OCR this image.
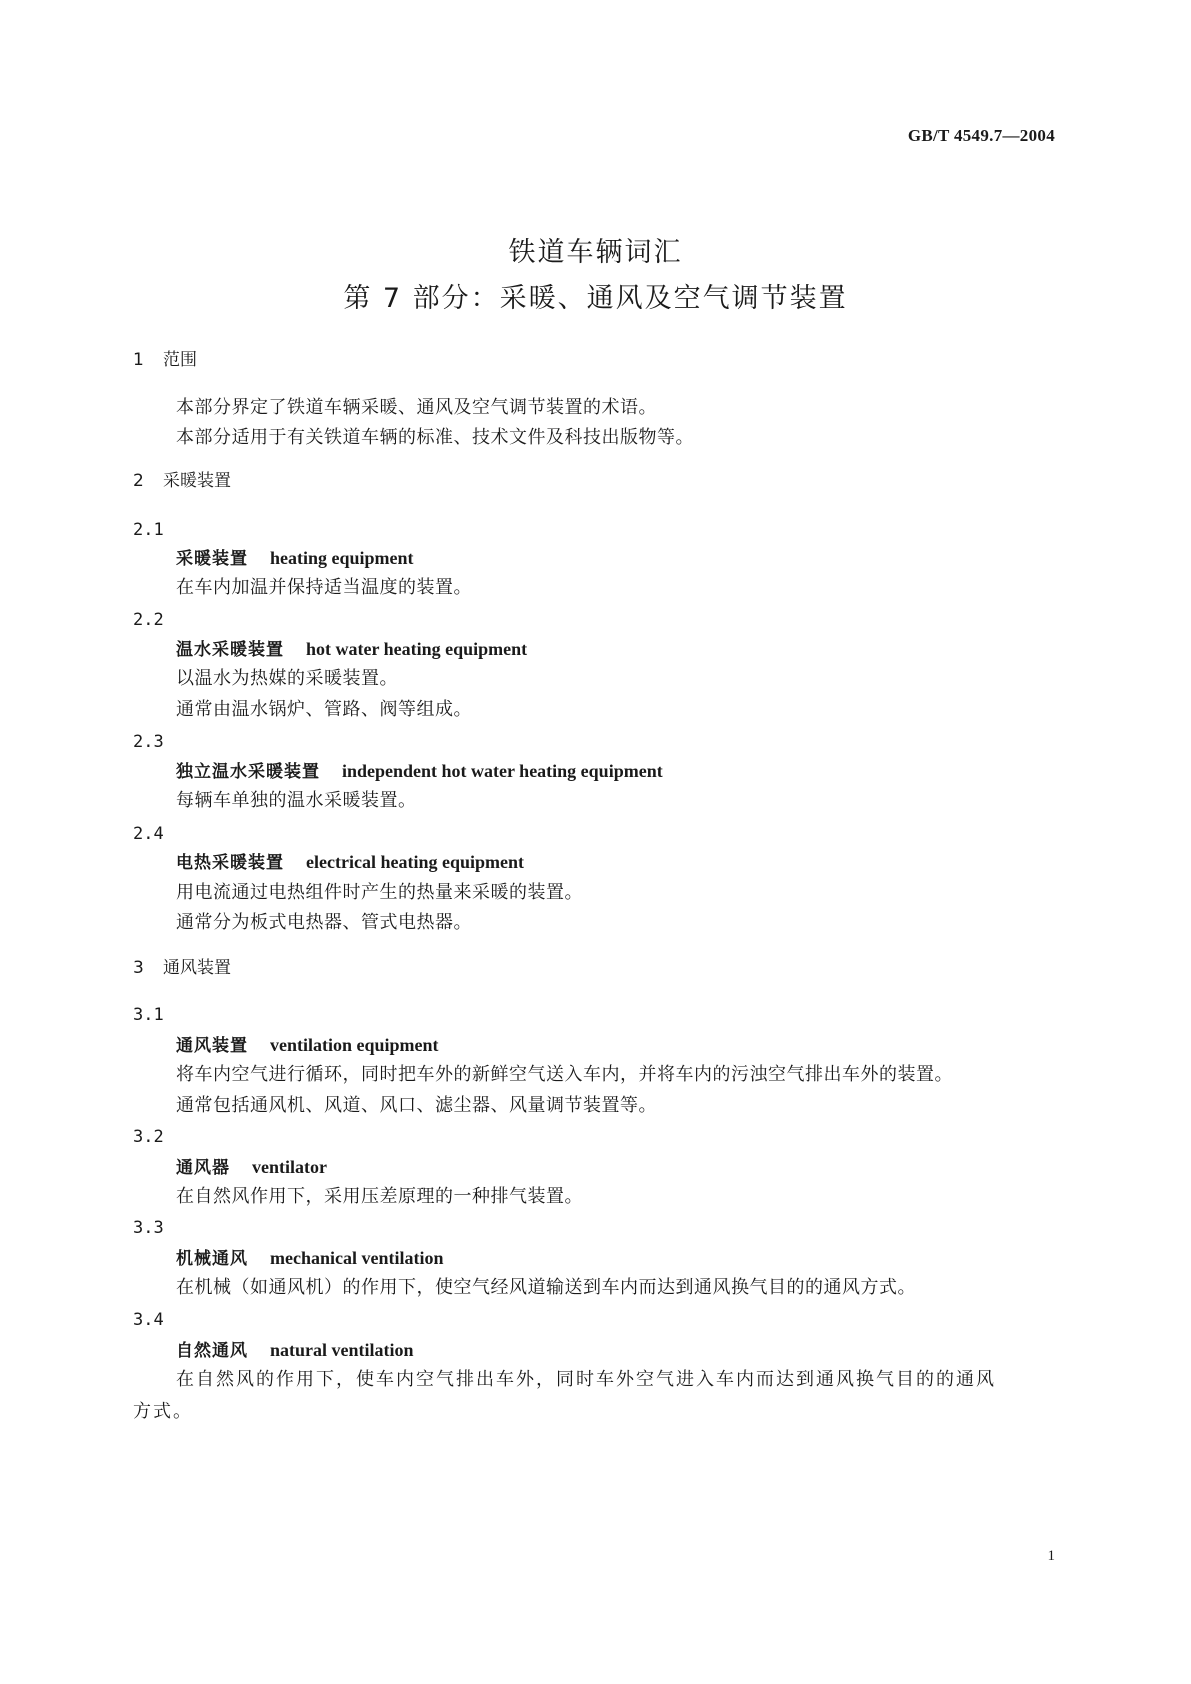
GB/T 4549.7—2004
铁道车辆词汇
第 7 部分：采暖、通风及空气调节装置
1 范围
本部分界定了铁道车辆采暖、通风及空气调节装置的术语。
本部分适用于有关铁道车辆的标准、技术文件及科技出版物等。
2 采暖装置
2.1
采暖装置 heating equipment
在车内加温并保持适当温度的装置。
2.2
温水采暖装置 hot water heating equipment
以温水为热媒的采暖装置。
通常由温水锅炉、管路、阀等组成。
2.3
独立温水采暖装置 independent hot water heating equipment
每辆车单独的温水采暖装置。
2.4
电热采暖装置 electrical heating equipment
用电流通过电热组件时产生的热量来采暖的装置。
通常分为板式电热器、管式电热器。
3 通风装置
3.1
通风装置 ventilation equipment
将车内空气进行循环，同时把车外的新鲜空气送入车内，并将车内的污浊空气排出车外的装置。
通常包括通风机、风道、风口、滤尘器、风量调节装置等。
3.2
通风器 ventilator
在自然风作用下，采用压差原理的一种排气装置。
3.3
机械通风 mechanical ventilation
在机械（如通风机）的作用下，使空气经风道输送到车内而达到通风换气目的的通风方式。
3.4
自然通风 natural ventilation
在自然风的作用下，使车内空气排出车外，同时车外空气进入车内而达到通风换气目的的通风方式。
1
